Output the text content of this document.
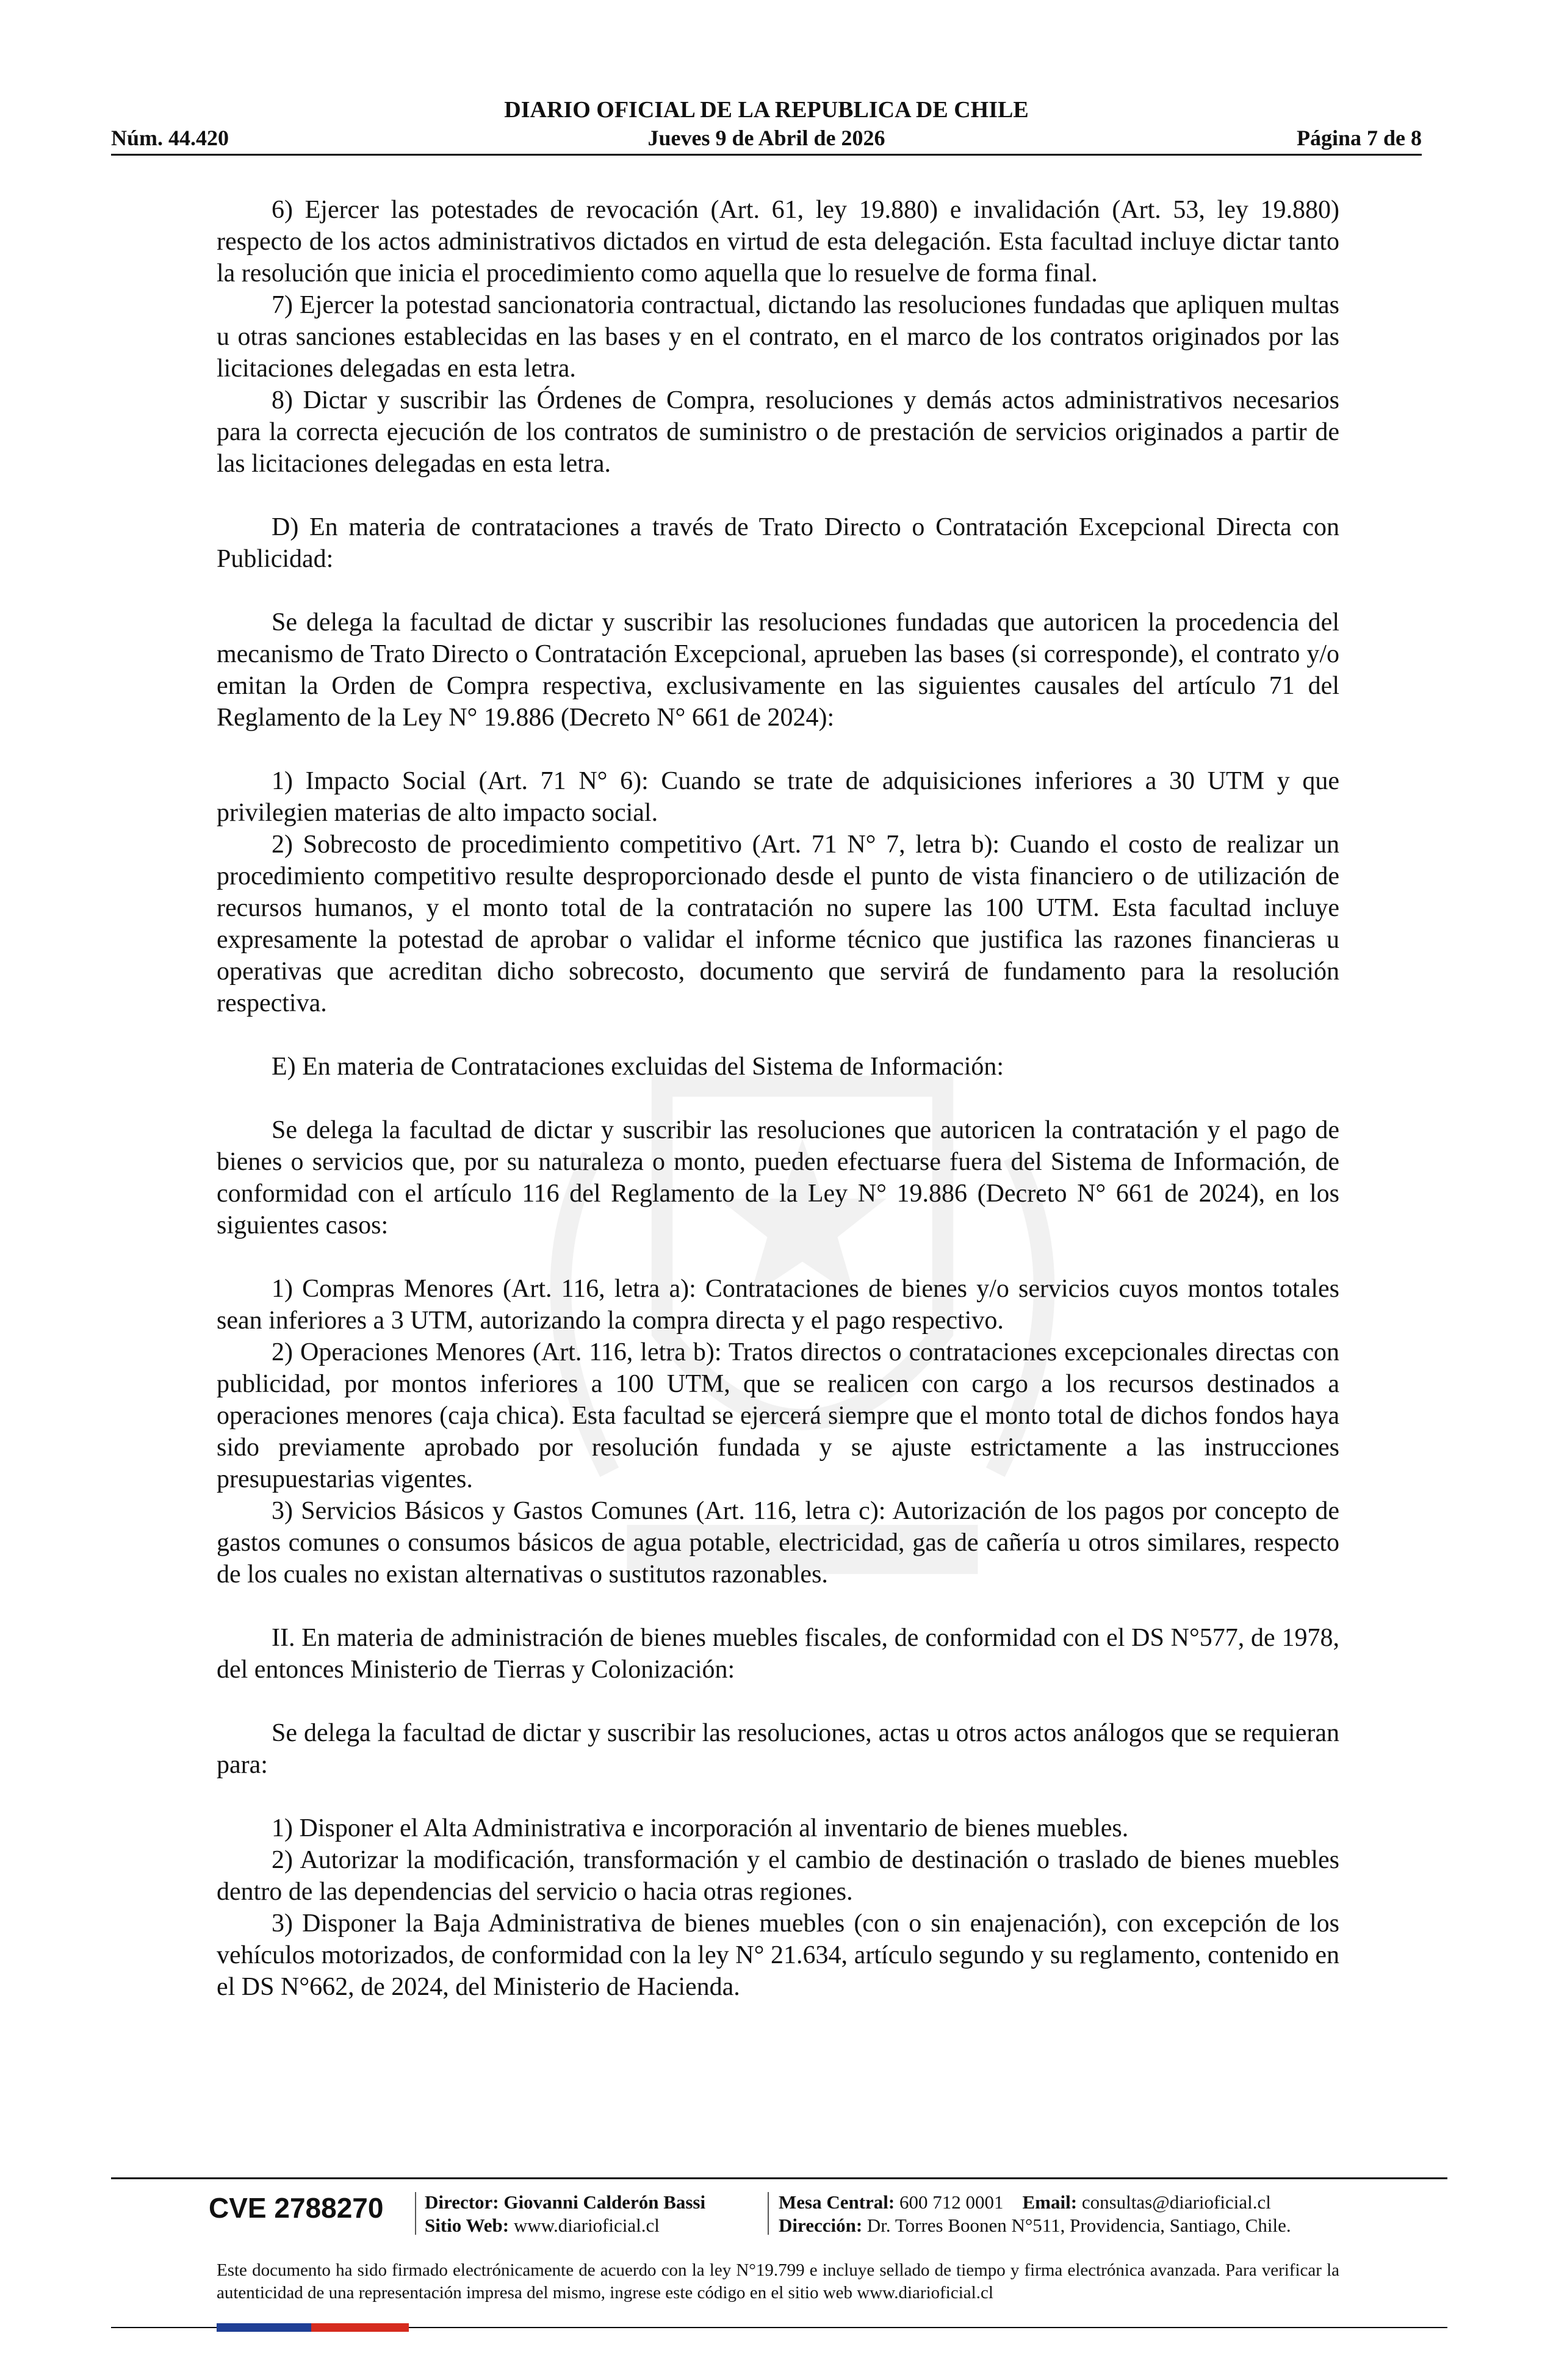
DIARIO OFICIAL DE LA REPUBLICA DE CHILE
Núm. 44.420	Jueves 9 de Abril de 2026	Página 7 de 8

6) Ejercer las potestades de revocación (Art. 61, ley 19.880) e invalidación (Art. 53, ley 19.880) respecto de los actos administrativos dictados en virtud de esta delegación. Esta facultad incluye dictar tanto la resolución que inicia el procedimiento como aquella que lo resuelve de forma final.

7) Ejercer la potestad sancionatoria contractual, dictando las resoluciones fundadas que apliquen multas u otras sanciones establecidas en las bases y en el contrato, en el marco de los contratos originados por las licitaciones delegadas en esta letra.

8) Dictar y suscribir las Órdenes de Compra, resoluciones y demás actos administrativos necesarios para la correcta ejecución de los contratos de suministro o de prestación de servicios originados a partir de las licitaciones delegadas en esta letra.

D) En materia de contrataciones a través de Trato Directo o Contratación Excepcional Directa con Publicidad:

Se delega la facultad de dictar y suscribir las resoluciones fundadas que autoricen la procedencia del mecanismo de Trato Directo o Contratación Excepcional, aprueben las bases (si corresponde), el contrato y/o emitan la Orden de Compra respectiva, exclusivamente en las siguientes causales del artículo 71 del Reglamento de la Ley N° 19.886 (Decreto N° 661 de 2024):

1) Impacto Social (Art. 71 N° 6): Cuando se trate de adquisiciones inferiores a 30 UTM y que privilegien materias de alto impacto social.

2) Sobrecosto de procedimiento competitivo (Art. 71 N° 7, letra b): Cuando el costo de realizar un procedimiento competitivo resulte desproporcionado desde el punto de vista financiero o de utilización de recursos humanos, y el monto total de la contratación no supere las 100 UTM. Esta facultad incluye expresamente la potestad de aprobar o validar el informe técnico que justifica las razones financieras u operativas que acreditan dicho sobrecosto, documento que servirá de fundamento para la resolución respectiva.

E) En materia de Contrataciones excluidas del Sistema de Información:

Se delega la facultad de dictar y suscribir las resoluciones que autoricen la contratación y el pago de bienes o servicios que, por su naturaleza o monto, pueden efectuarse fuera del Sistema de Información, de conformidad con el artículo 116 del Reglamento de la Ley N° 19.886 (Decreto N° 661 de 2024), en los siguientes casos:

1) Compras Menores (Art. 116, letra a): Contrataciones de bienes y/o servicios cuyos montos totales sean inferiores a 3 UTM, autorizando la compra directa y el pago respectivo.

2) Operaciones Menores (Art. 116, letra b): Tratos directos o contrataciones excepcionales directas con publicidad, por montos inferiores a 100 UTM, que se realicen con cargo a los recursos destinados a operaciones menores (caja chica). Esta facultad se ejercerá siempre que el monto total de dichos fondos haya sido previamente aprobado por resolución fundada y se ajuste estrictamente a las instrucciones presupuestarias vigentes.

3) Servicios Básicos y Gastos Comunes (Art. 116, letra c): Autorización de los pagos por concepto de gastos comunes o consumos básicos de agua potable, electricidad, gas de cañería u otros similares, respecto de los cuales no existan alternativas o sustitutos razonables.

II. En materia de administración de bienes muebles fiscales, de conformidad con el DS N°577, de 1978, del entonces Ministerio de Tierras y Colonización:

Se delega la facultad de dictar y suscribir las resoluciones, actas u otros actos análogos que se requieran para:

1) Disponer el Alta Administrativa e incorporación al inventario de bienes muebles.

2) Autorizar la modificación, transformación y el cambio de destinación o traslado de bienes muebles dentro de las dependencias del servicio o hacia otras regiones.

3) Disponer la Baja Administrativa de bienes muebles (con o sin enajenación), con excepción de los vehículos motorizados, de conformidad con la ley N° 21.634, artículo segundo y su reglamento, contenido en el DS N°662, de 2024, del Ministerio de Hacienda.

CVE 2788270 Director: Giovanni Calderón Bassi
Sitio Web: www.diarioficial.cl
Mesa Central: 600 712 0001 Email: consultas@diarioficial.cl
Dirección: Dr. Torres Boonen N°511, Providencia, Santiago, Chile.
Este documento ha sido firmado electrónicamente de acuerdo con la ley N°19.799 e incluye sellado de tiempo y firma electrónica avanzada. Para verificar la autenticidad de una representación impresa del mismo, ingrese este código en el sitio web www.diarioficial.cl
